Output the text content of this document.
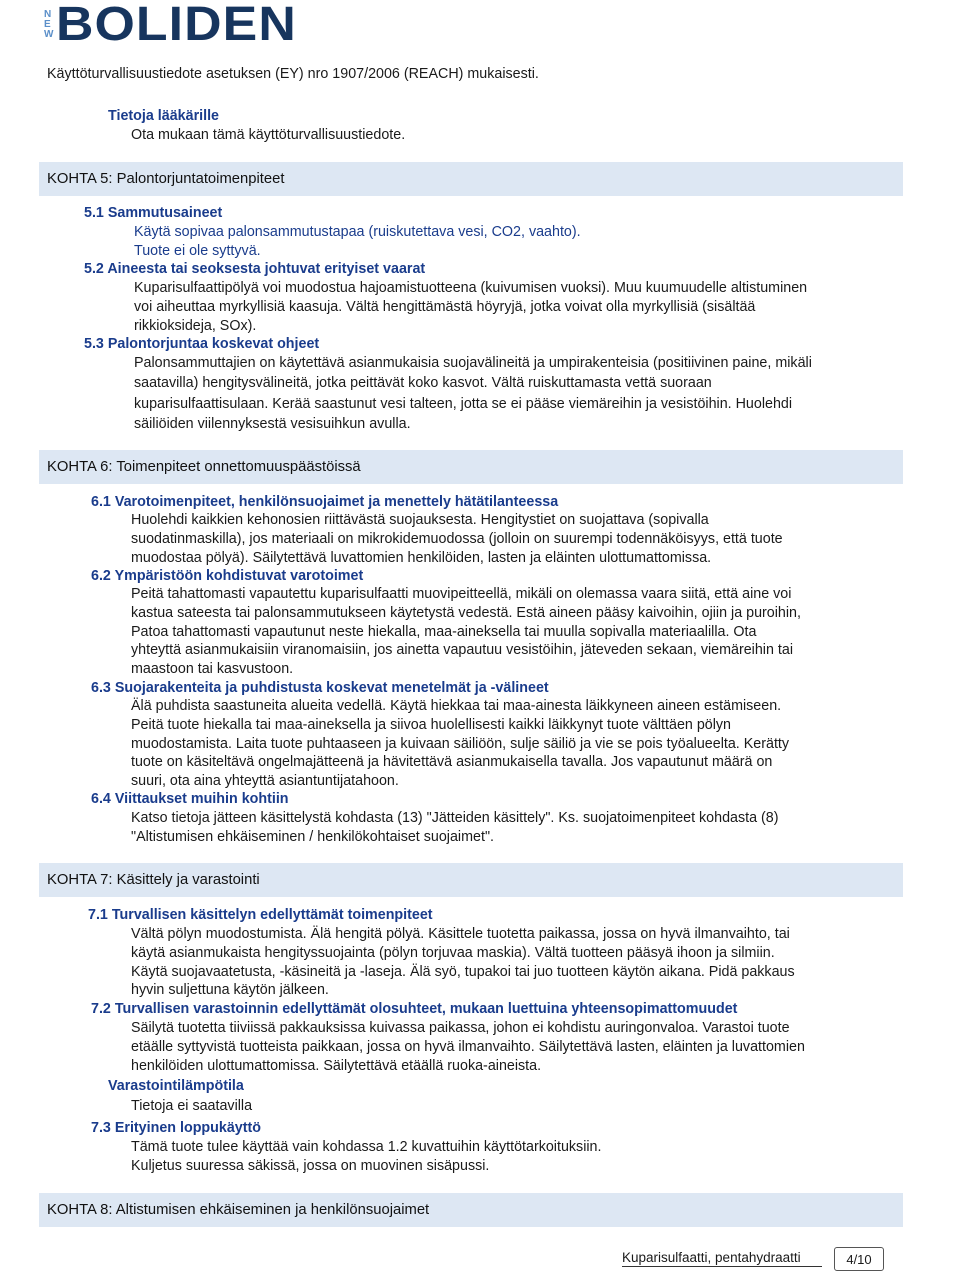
N
E
W BOLIDEN
Käyttöturvallisuustiedote asetuksen (EY) nro 1907/2006 (REACH) mukaisesti.
Tietoja lääkärille
Ota mukaan tämä käyttöturvallisuustiedote.
KOHTA 5: Palontorjuntatoimenpiteet
5.1 Sammutusaineet
Käytä sopivaa palonsammutustapaa (ruiskutettava vesi, CO2, vaahto).
Tuote ei ole syttyvä.
5.2 Aineesta tai seoksesta johtuvat erityiset vaarat
Kuparisulfaattipölyä voi muodostua hajoamistuotteena (kuivumisen vuoksi). Muu kuumuudelle altistuminen
voi aiheuttaa myrkyllisiä kaasuja. Vältä hengittämästä höyryjä, jotka voivat olla myrkyllisiä (sisältää
rikkioksideja, SOx).
5.3 Palontorjuntaa koskevat ohjeet
Palonsammuttajien on käytettävä asianmukaisia suojavälineitä ja umpirakenteisia (positiivinen paine, mikäli
saatavilla) hengitysvälineitä, jotka peittävät koko kasvot. Vältä ruiskuttamasta vettä suoraan
kuparisulfaattisulaan. Kerää saastunut vesi talteen, jotta se ei pääse viemäreihin ja vesistöihin. Huolehdi
säiliöiden viilennyksestä vesisuihkun avulla.
KOHTA 6: Toimenpiteet onnettomuuspäästöissä
6.1 Varotoimenpiteet, henkilönsuojaimet ja menettely hätätilanteessa
Huolehdi kaikkien kehonosien riittävästä suojauksesta. Hengitystiet on suojattava (sopivalla
suodatinmaskilla), jos materiaali on mikrokidemuodossa (jolloin on suurempi todennäköisyys, että tuote
muodostaa pölyä). Säilytettävä luvattomien henkilöiden, lasten ja eläinten ulottumattomissa.
6.2 Ympäristöön kohdistuvat varotoimet
Peitä tahattomasti vapautettu kuparisulfaatti muovipeitteellä, mikäli on olemassa vaara siitä, että aine voi
kastua sateesta tai palonsammutukseen käytetystä vedestä. Estä aineen pääsy kaivoihin, ojiin ja puroihin,
Patoa tahattomasti vapautunut neste hiekalla, maa-aineksella tai muulla sopivalla materiaalilla. Ota
yhteyttä asianmukaisiin viranomaisiin, jos ainetta vapautuu vesistöihin, jäteveden sekaan, viemäreihin tai
maastoon tai kasvustoon.
6.3 Suojarakenteita ja puhdistusta koskevat menetelmät ja -välineet
Älä puhdista saastuneita alueita vedellä. Käytä hiekkaa tai maa-ainesta läikkyneen aineen estämiseen.
Peitä tuote hiekalla tai maa-aineksella ja siivoa huolellisesti kaikki läikkynyt tuote välttäen pölyn
muodostamista. Laita tuote puhtaaseen ja kuivaan säiliöön, sulje säiliö ja vie se pois työalueelta. Kerätty
tuote on käsiteltävä ongelmajätteenä ja hävitettävä asianmukaisella tavalla. Jos vapautunut määrä on
suuri, ota aina yhteyttä asiantuntijatahoon.
6.4 Viittaukset muihin kohtiin
Katso tietoja jätteen käsittelystä kohdasta (13) "Jätteiden käsittely". Ks. suojatoimenpiteet kohdasta (8)
"Altistumisen ehkäiseminen / henkilökohtaiset suojaimet".
KOHTA 7: Käsittely ja varastointi
7.1 Turvallisen käsittelyn edellyttämät toimenpiteet
Vältä pölyn muodostumista. Älä hengitä pölyä. Käsittele tuotetta paikassa, jossa on hyvä ilmanvaihto, tai
käytä asianmukaista hengityssuojainta (pölyn torjuvaa maskia). Vältä tuotteen pääsyä ihoon ja silmiin.
Käytä suojavaatetusta, -käsineitä ja -laseja. Älä syö, tupakoi tai juo tuotteen käytön aikana. Pidä pakkaus
hyvin suljettuna käytön jälkeen.
7.2 Turvallisen varastoinnin edellyttämät olosuhteet, mukaan luettuina yhteensopimattomuudet
Säilytä tuotetta tiiviissä pakkauksissa kuivassa paikassa, johon ei kohdistu auringonvaloa. Varastoi tuote
etäälle syttyvistä tuotteista paikkaan, jossa on hyvä ilmanvaihto. Säilytettävä lasten, eläinten ja luvattomien
henkilöiden ulottumattomissa. Säilytettävä etäällä ruoka-aineista.
Varastointilämpötila
Tietoja ei saatavilla
7.3 Erityinen loppukäyttö
Tämä tuote tulee käyttää vain kohdassa 1.2 kuvattuihin käyttötarkoituksiin.
Kuljetus suuressa säkissä, jossa on muovinen sisäpussi.
KOHTA 8: Altistumisen ehkäiseminen ja henkilönsuojaimet
Kuparisulfaatti, pentahydraatti	4/10
